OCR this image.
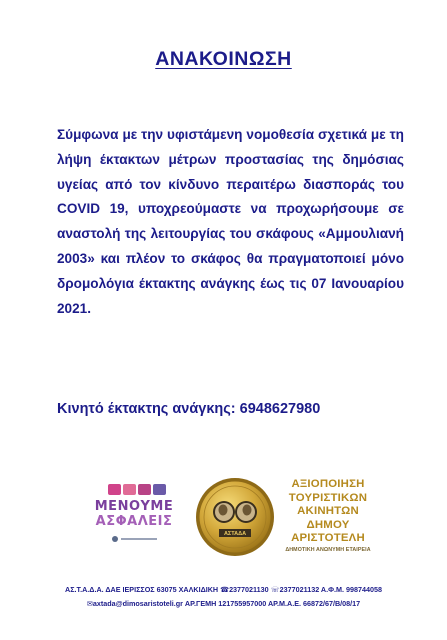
ΑΝΑΚΟΙΝΩΣΗ

Σύμφωνα με την υφιστάμενη νομοθεσία σχετικά με τη λήψη έκτακτων μέτρων προστασίας της δημόσιας υγείας από τον κίνδυνο περαιτέρω διασποράς του COVID 19, υποχρεούμαστε να προχωρήσουμε σε αναστολή της λειτουργίας του σκάφους «Αμμουλιανή 2003» και πλέον το σκάφος θα πραγματοποιεί μόνο δρομολόγια έκτακτης ανάγκης έως τις 07 Ιανουαρίου 2021.

Κινητό έκτακτης ανάγκης: 6948627980
ΜΕΝΟΥΜΕ
ΑΣΦΑΛΕΙΣ
ΑΣΤΑΔΑ
ΑΞΙΟΠΟΙΗΣΗ
ΤΟΥΡΙΣΤΙΚΩΝ
ΑΚΙΝΗΤΩΝ
ΔΗΜΟΥ
ΑΡΙΣΤΟΤΕΛΗ
ΔΗΜΟΤΙΚΗ ΑΝΩΝΥΜΗ ΕΤΑΙΡΕΙΑ
ΑΣ.Τ.Α.Δ.Α. ΔΑΕ ΙΕΡΙΣΣΟΣ 63075 ΧΑΛΚΙΔΙΚΗ ☎2377021130 ☏2377021132 Α.Φ.Μ. 998744058
✉axtada@dimosaristoteli.gr ΑΡ.ΓΕΜΗ 121755957000 ΑΡ.Μ.Α.Ε. 66872/67/Β/08/17
